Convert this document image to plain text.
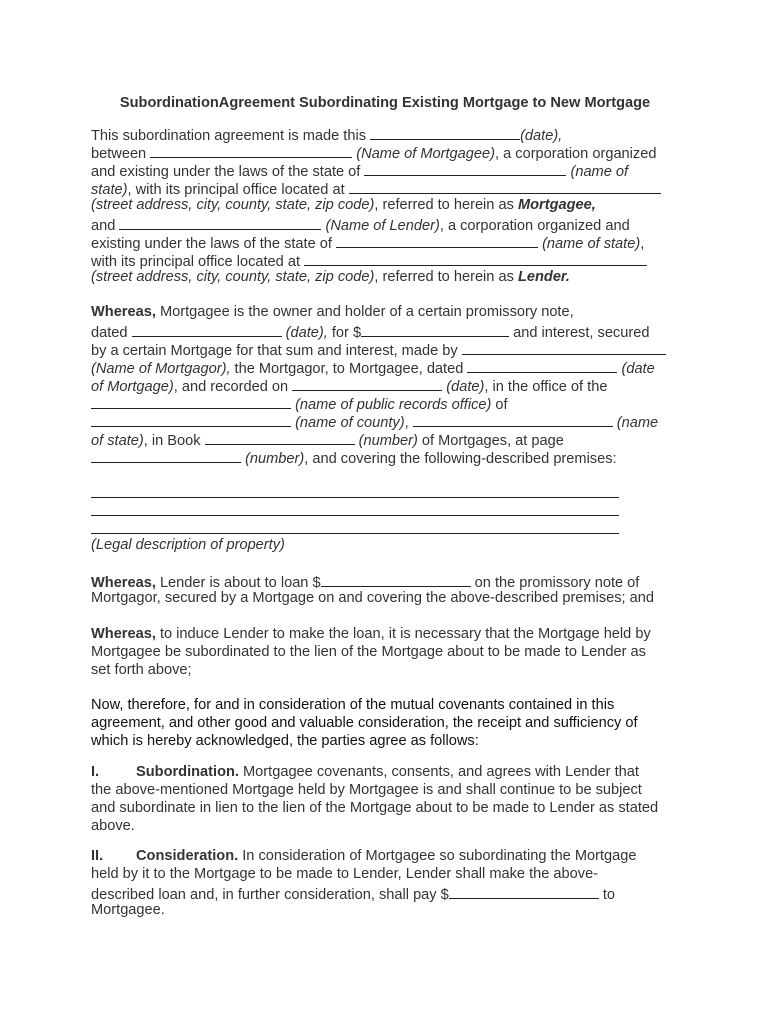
SubordinationAgreement Subordinating Existing Mortgage to New Mortgage
This subordination agreement is made this	(date),
between	(Name of Mortgagee), a corporation organized
and existing under the laws of the state of	(name of
state), with its principal office located at
(street address, city, county, state, zip code), referred to herein as Mortgagee,
and	(Name of Lender), a corporation organized and
existing under the laws of the state of	(name of state),
with its principal office located at
(street address, city, county, state, zip code), referred to herein as Lender.
Whereas, Mortgagee is the owner and holder of a certain promissory note,
dated	(date), for $	and interest, secured
by a certain Mortgage for that sum and interest, made by
(Name of Mortgagor), the Mortgagor, to Mortgagee, dated	(date
of Mortgage), and recorded on	(date), in the office of the
(name of public records office) of
(name of county),	(name
of state), in Book	(number) of Mortgages, at page
(number), and covering the following-described premises:
(Legal description of property)
Whereas, Lender is about to loan $	on the promissory note of
Mortgagor, secured by a Mortgage on and covering the above-described premises; and
Whereas, to induce Lender to make the loan, it is necessary that the Mortgage held by
Mortgagee be subordinated to the lien of the Mortgage about to be made to Lender as
set forth above;
Now, therefore, for and in consideration of the mutual covenants contained in this
agreement, and other good and valuable consideration, the receipt and sufficiency of
which is hereby acknowledged, the parties agree as follows:
I.	Subordination. Mortgagee covenants, consents, and agrees with Lender that
the above-mentioned Mortgage held by Mortgagee is and shall continue to be subject
and subordinate in lien to the lien of the Mortgage about to be made to Lender as stated
above.
II. Consideration. In consideration of Mortgagee so subordinating the Mortgage
held by it to the Mortgage to be made to Lender, Lender shall make the above-
described loan and, in further consideration, shall pay $	to
Mortgagee.
